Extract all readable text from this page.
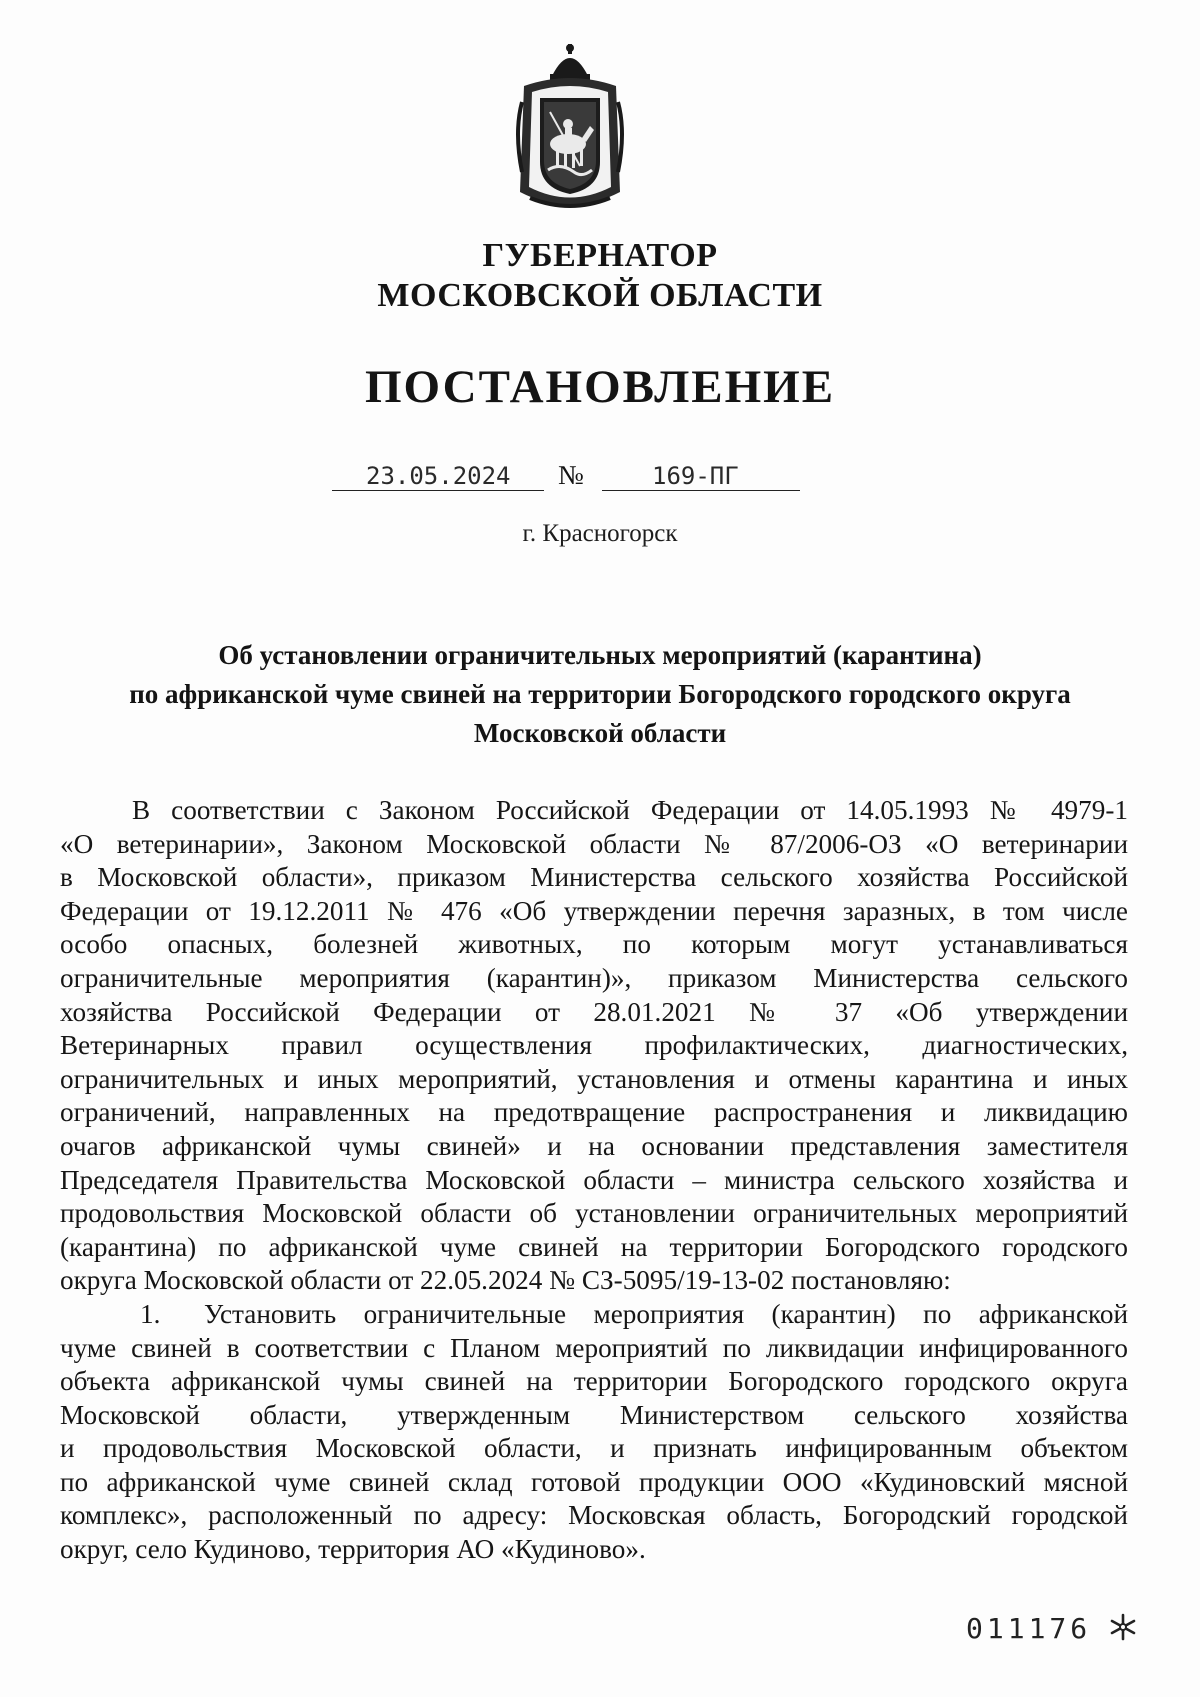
ГУБЕРНАТОР
МОСКОВСКОЙ ОБЛАСТИ
ПОСТАНОВЛЕНИЕ
23.05.2024 №	169-ПГ
г. Красногорск
Об установлении ограничительных мероприятий (карантина)
по африканской чуме свиней на территории Богородского городского округа
Московской области
В соответствии с Законом Российской Федерации от 14.05.1993 № 4979-1
«О ветеринарии», Законом Московской области № 87/2006-ОЗ «О ветеринарии
в Московской области», приказом Министерства сельского хозяйства Российской
Федерации от 19.12.2011 № 476 «Об утверждении перечня заразных, в том числе
особо опасных, болезней животных, по которым могут устанавливаться
ограничительные мероприятия (карантин)», приказом Министерства сельского
хозяйства Российской Федерации от 28.01.2021 № 37 «Об утверждении
Ветеринарных правил осуществления профилактических, диагностических,
ограничительных и иных мероприятий, установления и отмены карантина и иных
ограничений, направленных на предотвращение распространения и ликвидацию
очагов африканской чумы свиней» и на основании представления заместителя
Председателя Правительства Московской области – министра сельского хозяйства и
продовольствия Московской области об установлении ограничительных мероприятий
(карантина) по африканской чуме свиней на территории Богородского городского
округа Московской области от 22.05.2024 № СЗ-5095/19-13-02 постановляю:
1. Установить ограничительные мероприятия (карантин) по африканской
чуме свиней в соответствии с Планом мероприятий по ликвидации инфицированного
объекта африканской чумы свиней на территории Богородского городского округа
Московской области, утвержденным Министерством сельского хозяйства
и продовольствия Московской области, и признать инфицированным объектом
по африканской чуме свиней склад готовой продукции ООО «Кудиновский мясной
комплекс», расположенный по адресу: Московская область, Богородский городской
округ, село Кудиново, территория АО «Кудиново».
011176
